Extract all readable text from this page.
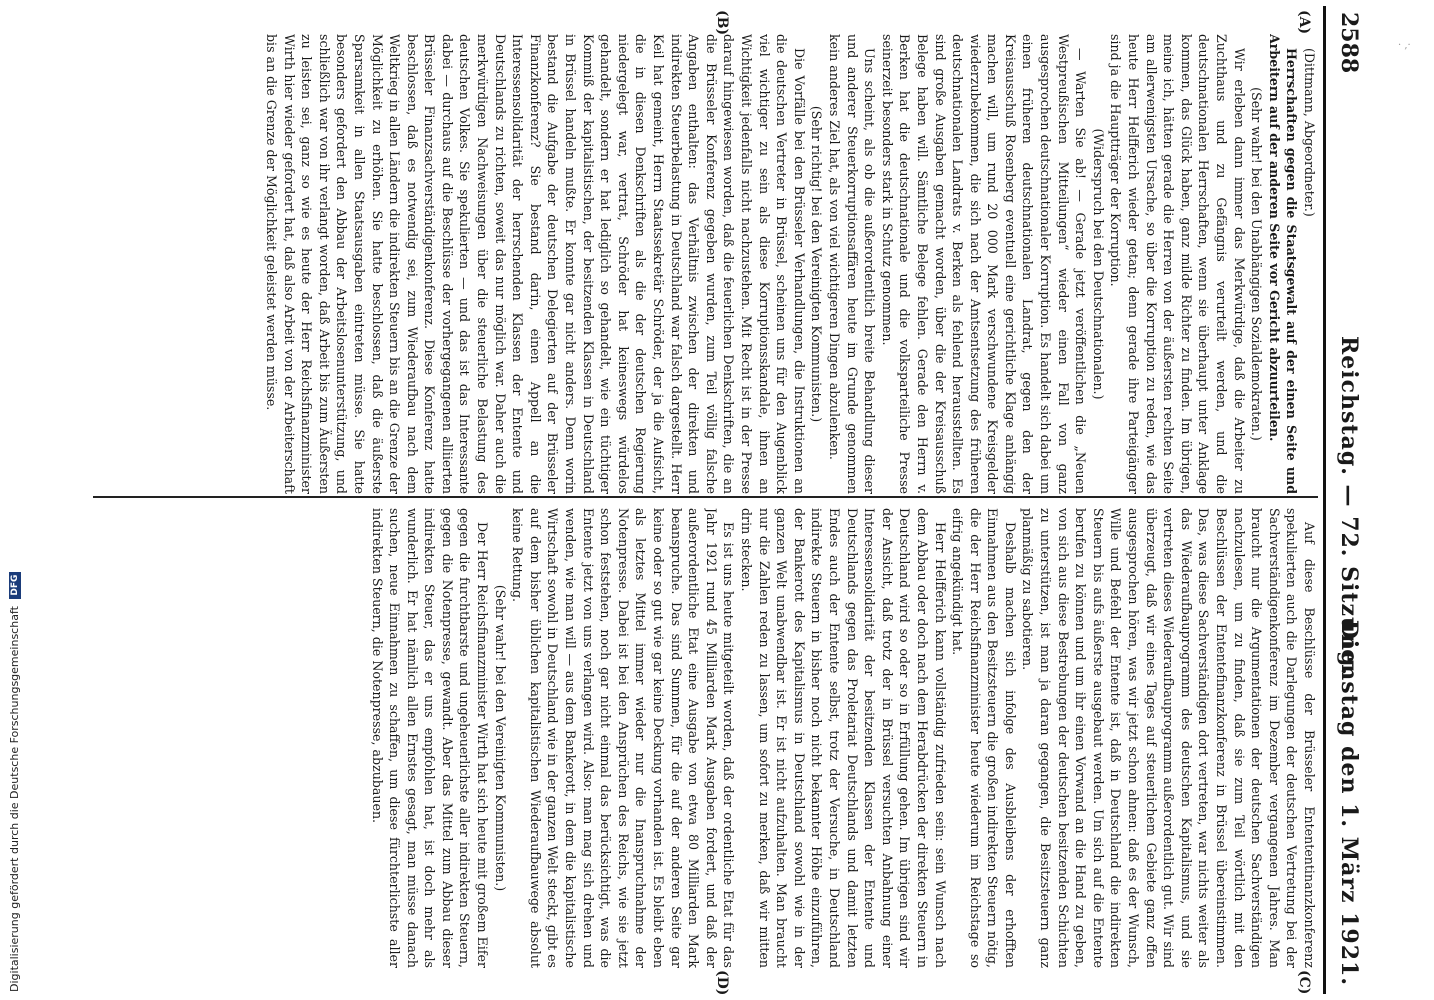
· ,·
2588
Reichstag. — 72. Sitzung.
Dienstag den 1. März 1921.
(A)
(B)
(C)
(D)

(Dittmann, Abgeordneter.)

Herrschaften gegen die Staatsgewalt auf der einen Seite und Arbeitern auf der anderen Seite vor Gericht abzuurteilen.

(Sehr wahr! bei den Unabhängigen Sozialdemokraten.)

Wir erleben dann immer das Merkwürdige, daß die Arbeiter zu Zuchthaus und zu Gefängnis verurteilt werden, und die deutschnationalen Herrschaften, wenn sie überhaupt unter Anklage kommen, das Glück haben, ganz milde Richter zu finden. Im übrigen, meine ich, hätten gerade die Herren von der äußersten rechten Seite am allerwenigsten Ursache, so über die Korruption zu reden, wie das heute Herr Helfferich wieder getan; denn gerade ihre Parteigänger sind ja die Hauptträger der Korruption.

(Widerspruch bei den Deutschnationalen.)

— Warten Sie ab! — Gerade jetzt veröffentlichen die „Neuen Westpreußischen Mitteilungen“ wieder einen Fall von ganz ausgesprochen deutschnationaler Korruption. Es handelt sich dabei um einen früheren deutschnationalen Landrat, gegen den der Kreisausschuß Rosenberg eventuell eine gerichtliche Klage anhängig machen will, um rund 20 000 Mark verschwundene Kreisgelder wiederzubekommen, die sich nach der Amtsentsetzung des früheren deutschnationalen Landrats v. Berken als fehlend herausstellten. Es sind große Ausgaben gemacht worden, über die der Kreisausschuß Belege haben will. Sämtliche Belege fehlen. Gerade den Herrn v. Berken hat die deutschnationale und die volksparteiliche Presse seinerzeit besonders stark in Schutz genommen.

Uns scheint, als ob die außerordentlich breite Behandlung dieser und anderer Steuerkorruptionsaffären heute im Grunde genommen kein anderes Ziel hat, als von viel wichtigeren Dingen abzulenken.

(Sehr richtig! bei den Vereinigten Kommunisten.)

Die Vorfälle bei den Brüsseler Verhandlungen, die Instruktionen an die deutschen Vertreter in Brüssel, scheinen uns für den Augenblick viel wichtiger zu sein als diese Korruptionsskandale, ihnen an Wichtigkeit jedenfalls nicht nachzustehen. Mit Recht ist in der Presse darauf hingewiesen worden, daß die feuerlichen Denkschriften, die an die Brüsseler Konferenz gegeben wurden, zum Teil völlig falsche Angaben enthalten: das Verhältnis zwischen der direkten und indirekten Steuerbelastung in Deutschland war falsch dargestellt. Herr Keil hat gemeint, Herrn Staatssekretär Schröder, der ja die Aufsicht, die in diesen Denkschriften als die der deutschen Regierung niedergelegt war, vertrat, Schröder hat keineswegs würdelos gehandelt, sondern er hat lediglich so gehandelt, wie ein tüchtiger Kommiß der kapitalistischen, der besitzenden Klassen in Deutschland in Brüssel handeln mußte. Er konnte gar nicht anders. Denn worin bestand die Aufgabe der deutschen Delegierten auf der Brüsseler Finanzkonferenz? Sie bestand darin, einen Appell an die Interessensolidarität der herrschenden Klassen der Entente und Deutschlands zu richten, soweit das nur möglich war. Daher auch die merkwürdigen Nachweisungen über die steuerliche Belastung des deutschen Volkes. Sie spekulierten — und das ist das Interessante dabei — durchaus auf die Beschlüsse der vorhergegangenen alliierten Brüsseler Finanzsachverständigenkonferenz. Diese Konferenz hatte beschlossen, daß es notwendig sei, zum Wiederaufbau nach dem Weltkrieg in allen Ländern die indirekten Steuern bis an die Grenze der Möglichkeit zu erhöhen. Sie hatte beschlossen, daß die äußerste Sparsamkeit in allen Staatsausgaben eintreten müsse. Sie hatte besonders gefordert den Abbau der Arbeitslosenunterstützung, und schließlich war von ihr verlangt worden, daß Arbeit bis zum Äußersten zu leisten sei, ganz so wie es heute der Herr Reichsfinanzminister Wirth hier wieder gefordert hat, daß also Arbeit von der Arbeiterschaft bis an die Grenze der Möglichkeit geleistet werden müsse.

Auf diese Beschlüsse der Brüsseler Entententinanzkonferenz spekulierten auch die Darlegungen der deutschen Vertretung bei der Sachverständigenkonferenz im Dezember vergangenen Jahres. Man braucht nur die Argumentationen der deutschen Sachverständigen nachzulesen, um zu finden, daß sie zum Teil wörtlich mit den Beschlüssen der Ententefinanzkonferenz in Brüssel übereinstimmen. Das, was diese Sachverständigen dort vertreten, war nichts weiter als das Wiederaufbauprogramm des deutschen Kapitalismus, und sie vertreten dieses Wiederaufbauprogramm außerordentlich gut. Wir sind überzeugt, daß wir eines Tages auf steuerlichem Gebiete ganz offen ausgesprochen hören, was wir jetzt schon ahnen: daß es der Wunsch, Wille und Befehl der Entente ist, daß in Deutschland die indirekten Steuern bis aufs äußerste ausgebaut werden. Um sich auf die Entente berufen zu können und um ihr einen Vorwand an die Hand zu geben, von sich aus diese Bestrebungen der deutschen besitzenden Schichten zu unterstützen, ist man ja daran gegangen, die Besitzsteuern ganz planmäßig zu sabotieren.

Deshalb machen sich infolge des Ausbleibens der erhofften Einnahmen aus den Besitzsteuern die großen indirekten Steuern nötig, die der Herr Reichsfinanzminister heute wiederum im Reichstage so eifrig angekündigt hat.

Herr Helfferich kann vollständig zufrieden sein: sein Wunsch nach dem Abbau oder doch nach dem Herabdrücken der direkten Steuern in Deutschland wird so oder so in Erfüllung gehen. Im übrigen sind wir der Ansicht, daß trotz der in Brüssel versuchten Anbahnung einer Interessensolidarität der besitzenden Klassen der Entente und Deutschlands gegen das Proletariat Deutschlands und damit letzten Endes auch der Entente selbst, trotz der Versuche, in Deutschland indirekte Steuern in bisher noch nicht bekannter Höhe einzuführen, der Bankerott des Kapitalismus in Deutschland sowohl wie in der ganzen Welt unabwendbar ist. Er ist nicht aufzuhalten. Man braucht nur die Zahlen reden zu lassen, um sofort zu merken, daß wir mitten drin stecken.

Es ist uns heute mitgeteilt worden, daß der ordentliche Etat für das Jahr 1921 rund 45 Milliarden Mark Ausgaben fordert, und daß der außerordentliche Etat eine Ausgabe von etwa 80 Milliarden Mark beanspruche. Das sind Summen, für die auf der anderen Seite gar keine oder so gut wie gar keine Deckung vorhanden ist. Es bleibt eben als letztes Mittel immer wieder nur die Inanspruchnahme der Notenpresse. Dabei ist bei den Ansprüchen des Reichs, wie sie jetzt schon feststehen, noch gar nicht einmal das berücksichtigt, was die Entente jetzt von uns verlangen wird. Also: man mag sich drehen und wenden, wie man will — aus dem Bankerott, in dem die kapitalistische Wirtschaft sowohl in Deutschland wie in der ganzen Welt steckt, gibt es auf dem bisher üblichen kapitalistischen Wiederaufbauwege absolut keine Rettung.

(Sehr wahr! bei den Vereinigten Kommunisten.)

Der Herr Reichsfinanzminister Wirth hat sich heute mit großem Eifer gegen die furchtbarste und ungeheuerlichste aller indirekten Steuern, gegen die Notenpresse, gewandt. Aber das Mittel zum Abbau dieser indirekten Steuer, das er uns empfohlen hat, ist doch mehr als wunderlich. Er hat nämlich allen Ernstes gesagt, man müsse danach suchen, neue Einnahmen zu schaffen, um diese fürchterlichste aller indirekten Steuern, die Notenpresse, abzubauen.

Digitalisierung gefördert durch die Deutsche Forschungsgemeinschaft DFG
